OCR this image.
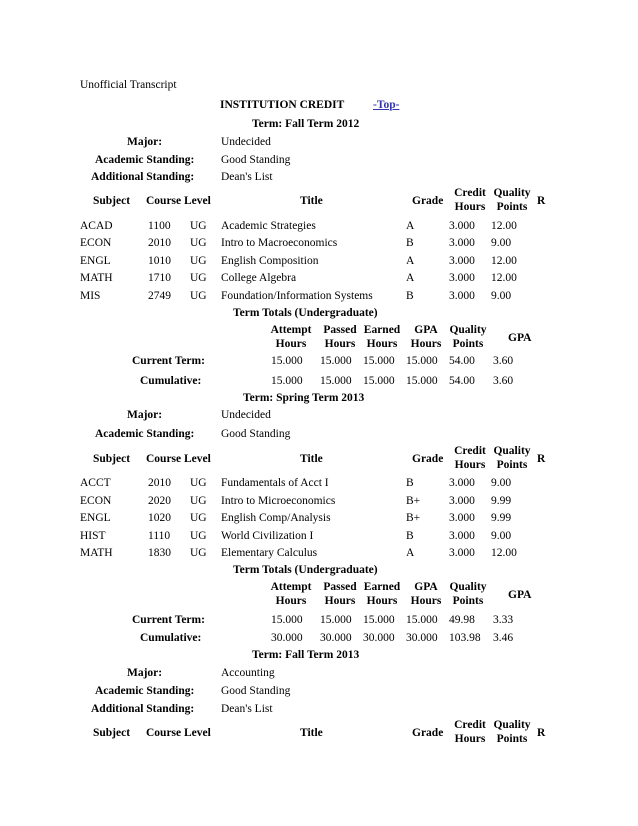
Unofficial Transcript
INSTITUTION CREDIT -Top-
Term: Fall Term 2012
Major:	Undecided
Academic Standing: Good Standing
Additional Standing: Dean's List
Subject Course Level	Title	Grade
Credit
Hours
Quality
Points R
ACAD	1100 UG Academic Strategies	A	3.000 12.00
ECON	2010 UG Intro to Macroeconomics	B	3.000 9.00
ENGL	1010 UG English Composition	A	3.000 12.00
MATH	1710 UG College Algebra	A	3.000 12.00
MIS	2749 UG Foundation/Information Systems	B	3.000 9.00
Term Totals (Undergraduate)
Attempt
Hours
Passed
Hours
Earned
Hours
GPA
Hours
Quality
Points	GPA
Current Term:	15.000 15.000 15.000 15.000 54.00 3.60
Cumulative:	15.000 15.000 15.000 15.000 54.00 3.60
Term: Spring Term 2013
Major:	Undecided
Academic Standing: Good Standing
Subject Course Level	Title	Grade
Credit
Hours
Quality
Points R
ACCT	2010 UG Fundamentals of Acct I	B	3.000 9.00
ECON	2020 UG Intro to Microeconomics	B+	3.000 9.99
ENGL	1020 UG English Comp/Analysis	B+	3.000 9.99
HIST	1110 UG World Civilization I	B	3.000 9.00
MATH	1830 UG Elementary Calculus	A	3.000 12.00
Term Totals (Undergraduate)
Attempt
Hours
Passed
Hours
Earned
Hours
GPA
Hours
Quality
Points	GPA
Current Term:	15.000 15.000 15.000 15.000 49.98 3.33
Cumulative:	30.000 30.000 30.000 30.000 103.98 3.46
Term: Fall Term 2013
Major:	Accounting
Academic Standing: Good Standing
Additional Standing: Dean's List
Subject Course Level	Title	Grade
Credit
Hours
Quality
Points R
